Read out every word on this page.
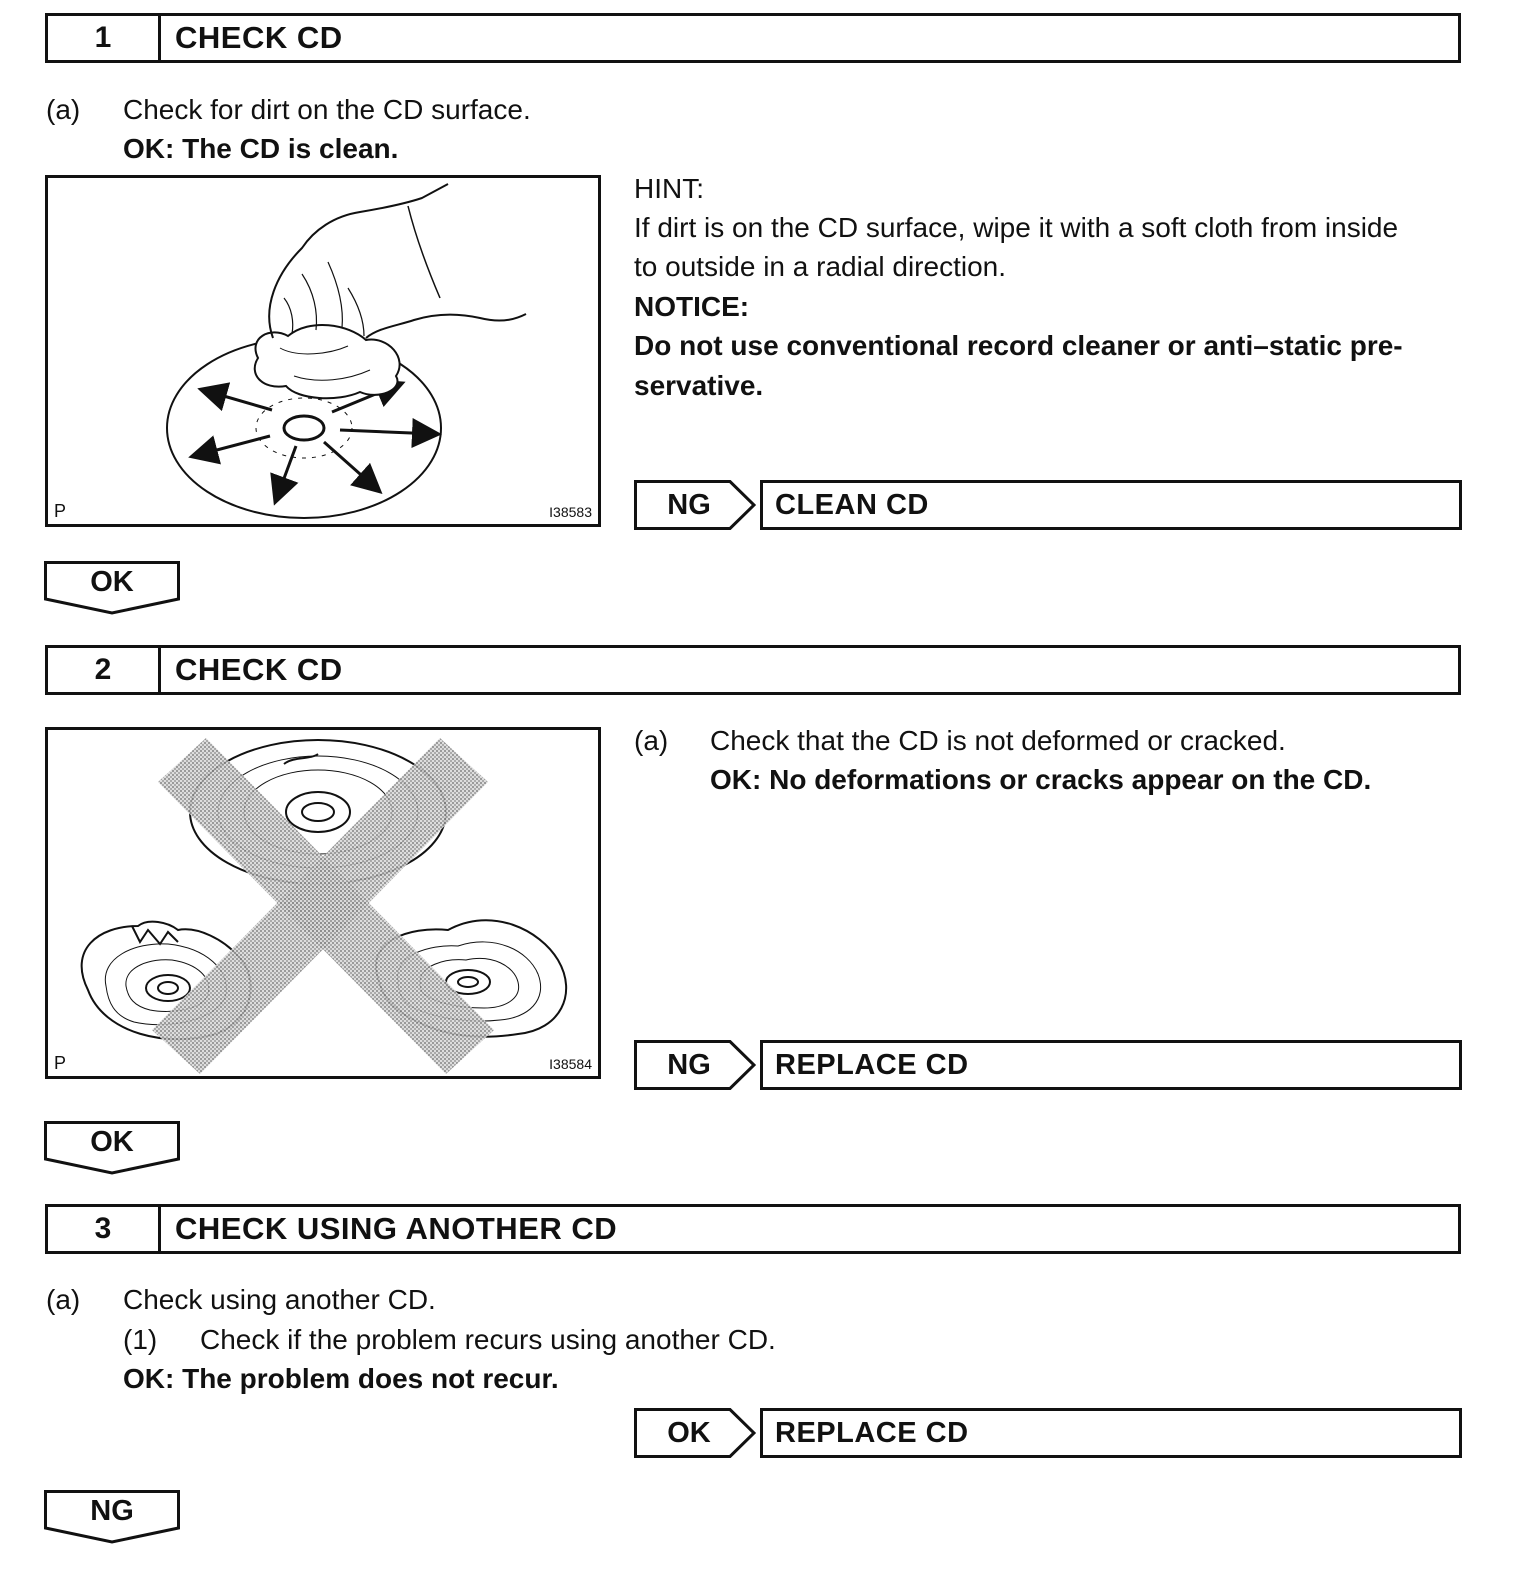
1	CHECK CD
(a) Check for dirt on the CD surface.
OK: The CD is clean.
P	I38583
HINT:
If dirt is on the CD surface, wipe it with a soft cloth from inside
to outside in a radial direction.
NOTICE:
Do not use conventional record cleaner or anti–static pre-
servative.
NG	CLEAN CD
OK
2	CHECK CD
P	I38584
(a) Check that the CD is not deformed or cracked.
OK: No deformations or cracks appear on the CD.
NG	REPLACE CD
OK
3	CHECK USING ANOTHER CD
(a) Check using another CD.
(1) Check if the problem recurs using another CD.
OK: The problem does not recur.
OK	REPLACE CD
NG
